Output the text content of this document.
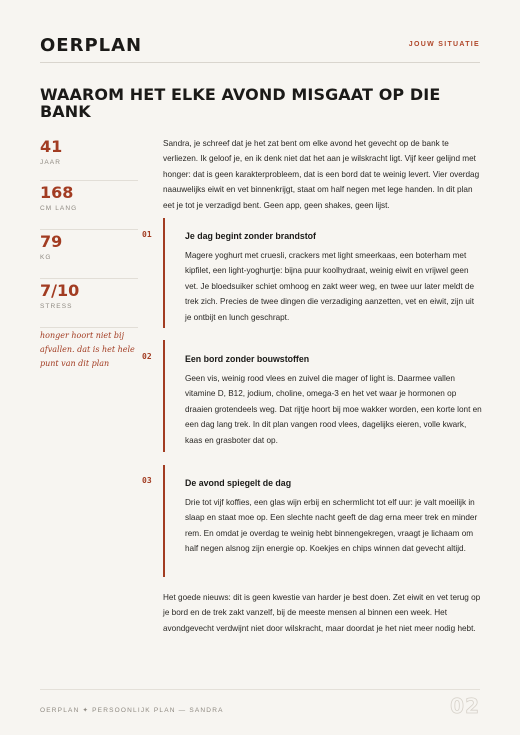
OERPLAN	JOUW SITUATIE
WAAROM HET ELKE AVOND MISGAAT OP DIE BANK
41
JAAR
168
CM LANG
79
KG
7/10
STRESS
honger hoort niet bij afvallen. dat is het hele punt van dit plan

Sandra, je schreef dat je het zat bent om elke avond het gevecht op de bank te verliezen. Ik geloof je, en ik denk niet dat het aan je wilskracht ligt. Vijf keer gelijnd met honger: dat is geen karakterprobleem, dat is een bord dat te weinig levert. Vier overdag naauwelijks eiwit en vet binnenkrijgt, staat om half negen met lege handen. In dit plan eet je tot je verzadigd bent. Geen app, geen shakes, geen lijst.

01	Je dag begint zonder brandstof

Magere yoghurt met cruesli, crackers met light smeerkaas, een boterham met kipfilet, een light-yoghurtje: bijna puur koolhydraat, weinig eiwit en vrijwel geen vet. Je bloedsuiker schiet omhoog en zakt weer weg, en twee uur later meldt de trek zich. Precies de twee dingen die verzadiging aanzetten, vet en eiwit, zijn uit je ontbijt en lunch geschrapt.

02	Een bord zonder bouwstoffen

Geen vis, weinig rood vlees en zuivel die mager of light is. Daarmee vallen vitamine D, B12, jodium, choline, omega-3 en het vet waar je hormonen op draaien grotendeels weg. Dat rijtje hoort bij moe wakker worden, een korte lont en een dag lang trek. In dit plan vangen rood vlees, dagelijks eieren, volle kwark, kaas en grasboter dat op.

03	De avond spiegelt de dag

Drie tot vijf koffies, een glas wijn erbij en schermlicht tot elf uur: je valt moeilijk in slaap en staat moe op. Een slechte nacht geeft de dag erna meer trek en minder rem. En omdat je overdag te weinig hebt binnengekregen, vraagt je lichaam om half negen alsnog zijn energie op. Koekjes en chips winnen dat gevecht altijd.

Het goede nieuws: dit is geen kwestie van harder je best doen. Zet eiwit en vet terug op je bord en de trek zakt vanzelf, bij de meeste mensen al binnen een week. Het avondgevecht verdwijnt niet door wilskracht, maar doordat je het niet meer nodig hebt.

OERPLAN ✦ PERSOONLIJK PLAN — SANDRA	02
